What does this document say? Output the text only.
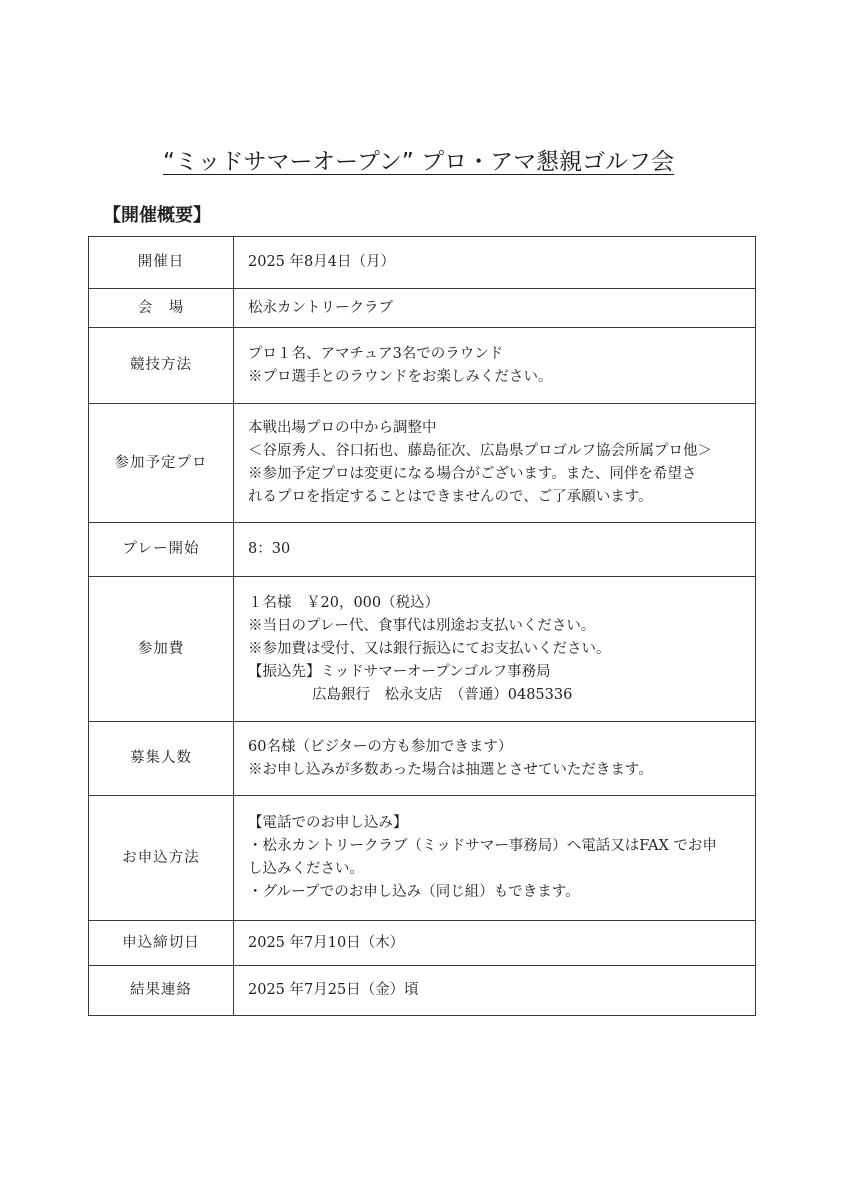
“ミッドサマーオープン” プロ・アマ懇親ゴルフ会
【開催概要】
開催日	2025 年8月4日（月）

会　場	松永カントリークラブ

競技方法	プロ１名、アマチュア3名でのラウンド
※プロ選手とのラウンドをお楽しみください。

参加予定プロ	本戦出場プロの中から調整中
＜谷原秀人、谷口拓也、藤島征次、広島県プロゴルフ協会所属プロ他＞
※参加予定プロは変更になる場合がございます。また、同伴を希望さ
れるプロを指定することはできませんので、ご了承願います。

プレー開始	8：30

参加費	１名様　￥20，000（税込）
※当日のプレー代、食事代は別途お支払いください。
※参加費は受付、又は銀行振込にてお支払いください。
【振込先】ミッドサマーオープンゴルフ事務局
広島銀行　松永支店　（普通）0485336

募集人数	60名様（ビジターの方も参加できます）
※お申し込みが多数あった場合は抽選とさせていただきます。

お申込方法	【電話でのお申し込み】
・松永カントリークラブ（ミッドサマー事務局）へ電話又はFAX でお申
し込みください。
・グループでのお申し込み（同じ組）もできます。

申込締切日	2025 年7月10日（木）

結果連絡	2025 年7月25日（金）頃
